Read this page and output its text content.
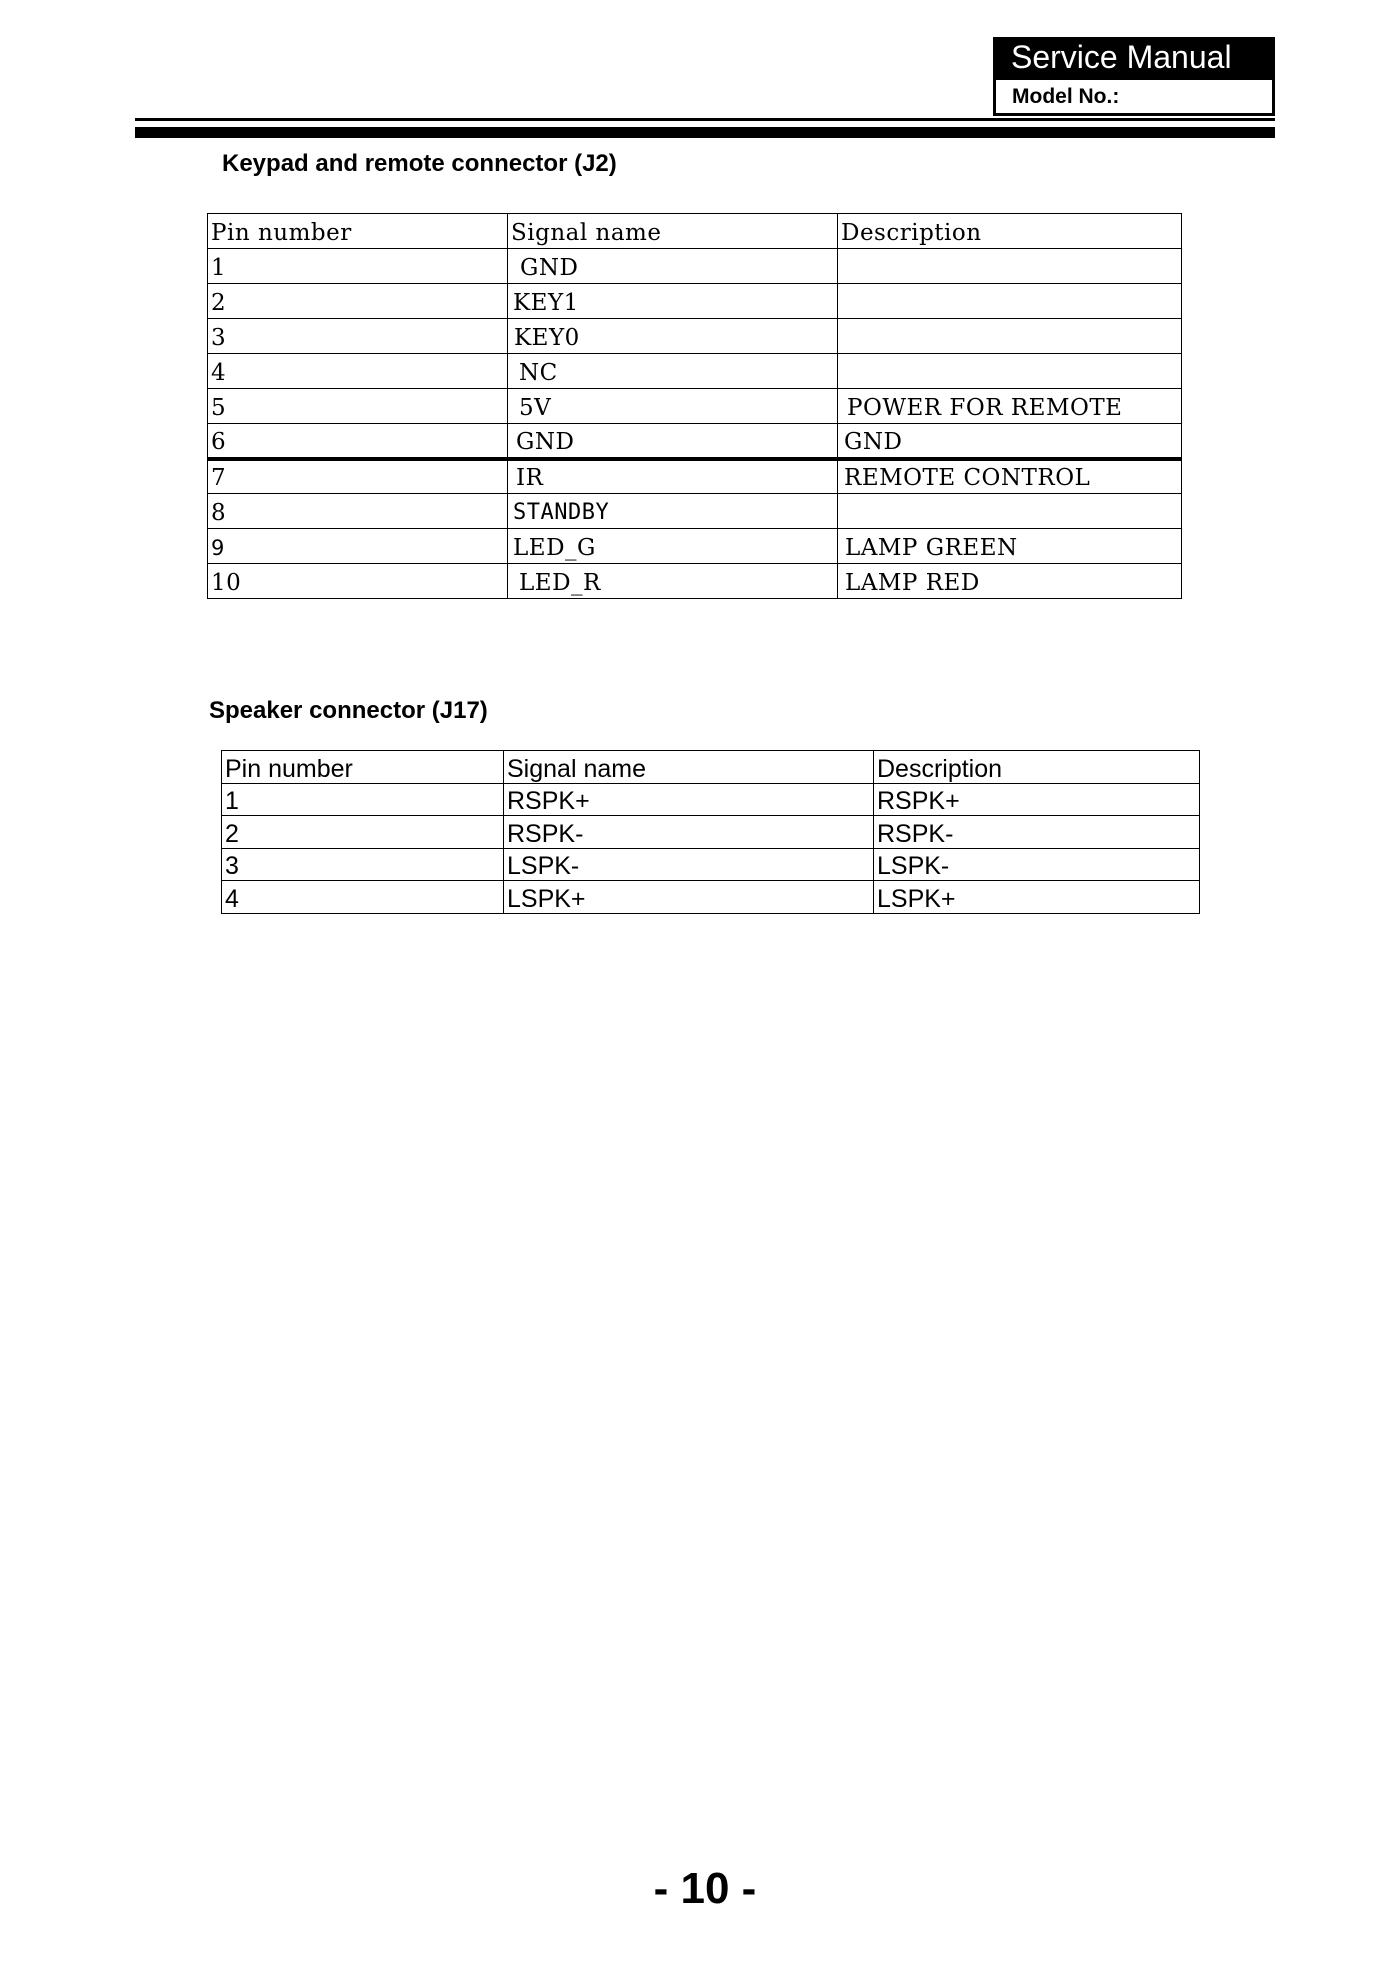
Service Manual
Model No.:
Keypad and remote connector (J2)
Pin number	Signal name	Description
1	GND	
2	KEY1	
3	KEY0	
4	NC	
5	5V	POWER FOR REMOTE
6	GND	GND
7	IR	REMOTE CONTROL
8	STANDBY	
9	LED_G	LAMP GREEN
10	LED_R	LAMP RED
Speaker connector (J17)
Pin number	Signal name	Description
1	RSPK+	RSPK+
2	RSPK-	RSPK-
3	LSPK-	LSPK-
4	LSPK+	LSPK+
- 10 -
